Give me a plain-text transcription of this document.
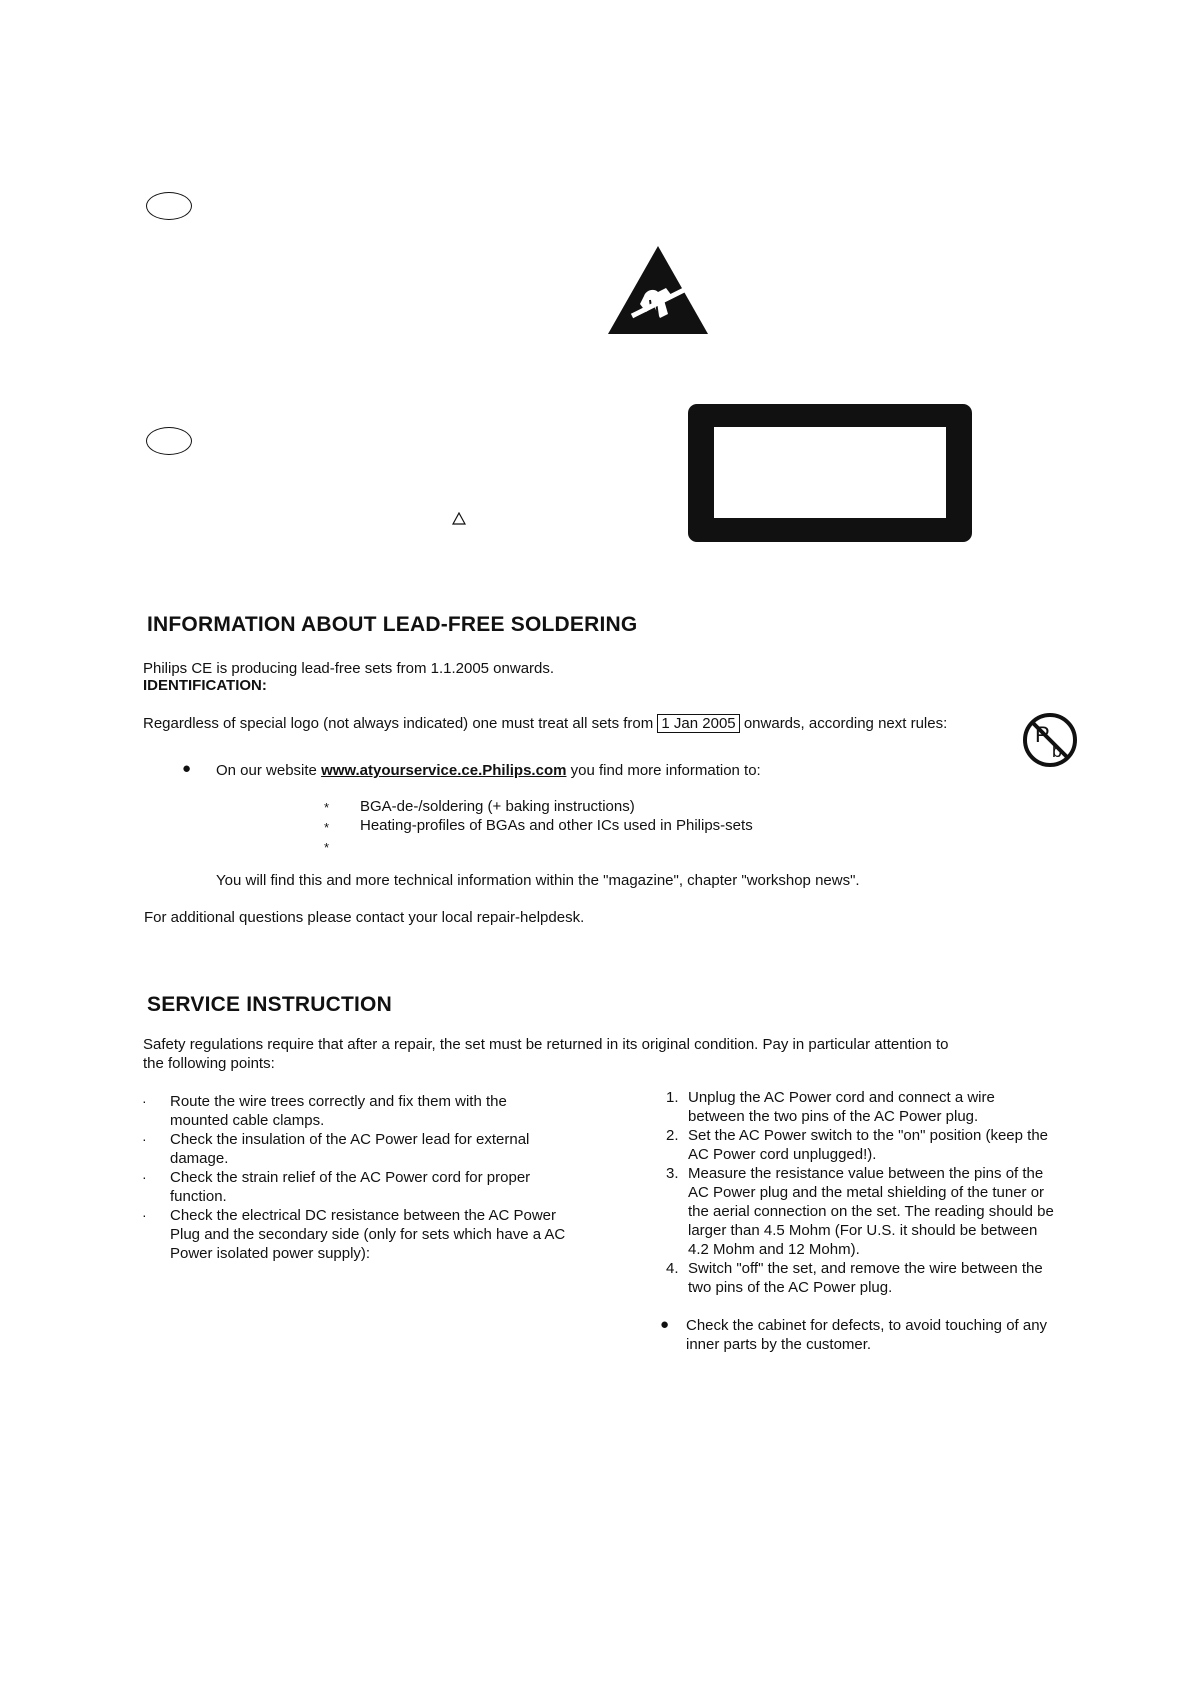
INFORMATION ABOUT LEAD-FREE SOLDERING
Philips CE is producing lead-free sets from 1.1.2005 onwards.
IDENTIFICATION:
Regardless of special logo (not always indicated) one must treat all sets from 1 Jan 2005 onwards, according next rules:	P
b
● On our website www.atyourservice.ce.Philips.com you find more information to:
* BGA-de-/soldering (+ baking instructions)
* Heating-profiles of BGAs and other ICs used in Philips-sets
*
You will find this and more technical information within the "magazine", chapter "workshop news".
For additional questions please contact your local repair-helpdesk.
SERVICE INSTRUCTION
Safety regulations require that after a repair, the set must be returned in its original condition. Pay in particular attention to
the following points:
· Route the wire trees correctly and fix them with the
mounted cable clamps.
· Check the insulation of the AC Power lead for external
damage.
· Check the strain relief of the AC Power cord for proper
function.
· Check the electrical DC resistance between the AC Power
Plug and the secondary side (only for sets which have a AC
Power isolated power supply):
1. Unplug the AC Power cord and connect a wire
between the two pins of the AC Power plug.
2. Set the AC Power switch to the "on" position (keep the
AC Power cord unplugged!).
3. Measure the resistance value between the pins of the
AC Power plug and the metal shielding of the tuner or
the aerial connection on the set. The reading should be
larger than 4.5 Mohm (For U.S. it should be between
4.2 Mohm and 12 Mohm).
4. Switch "off" the set, and remove the wire between the
two pins of the AC Power plug.
● Check the cabinet for defects, to avoid touching of any
inner parts by the customer.
